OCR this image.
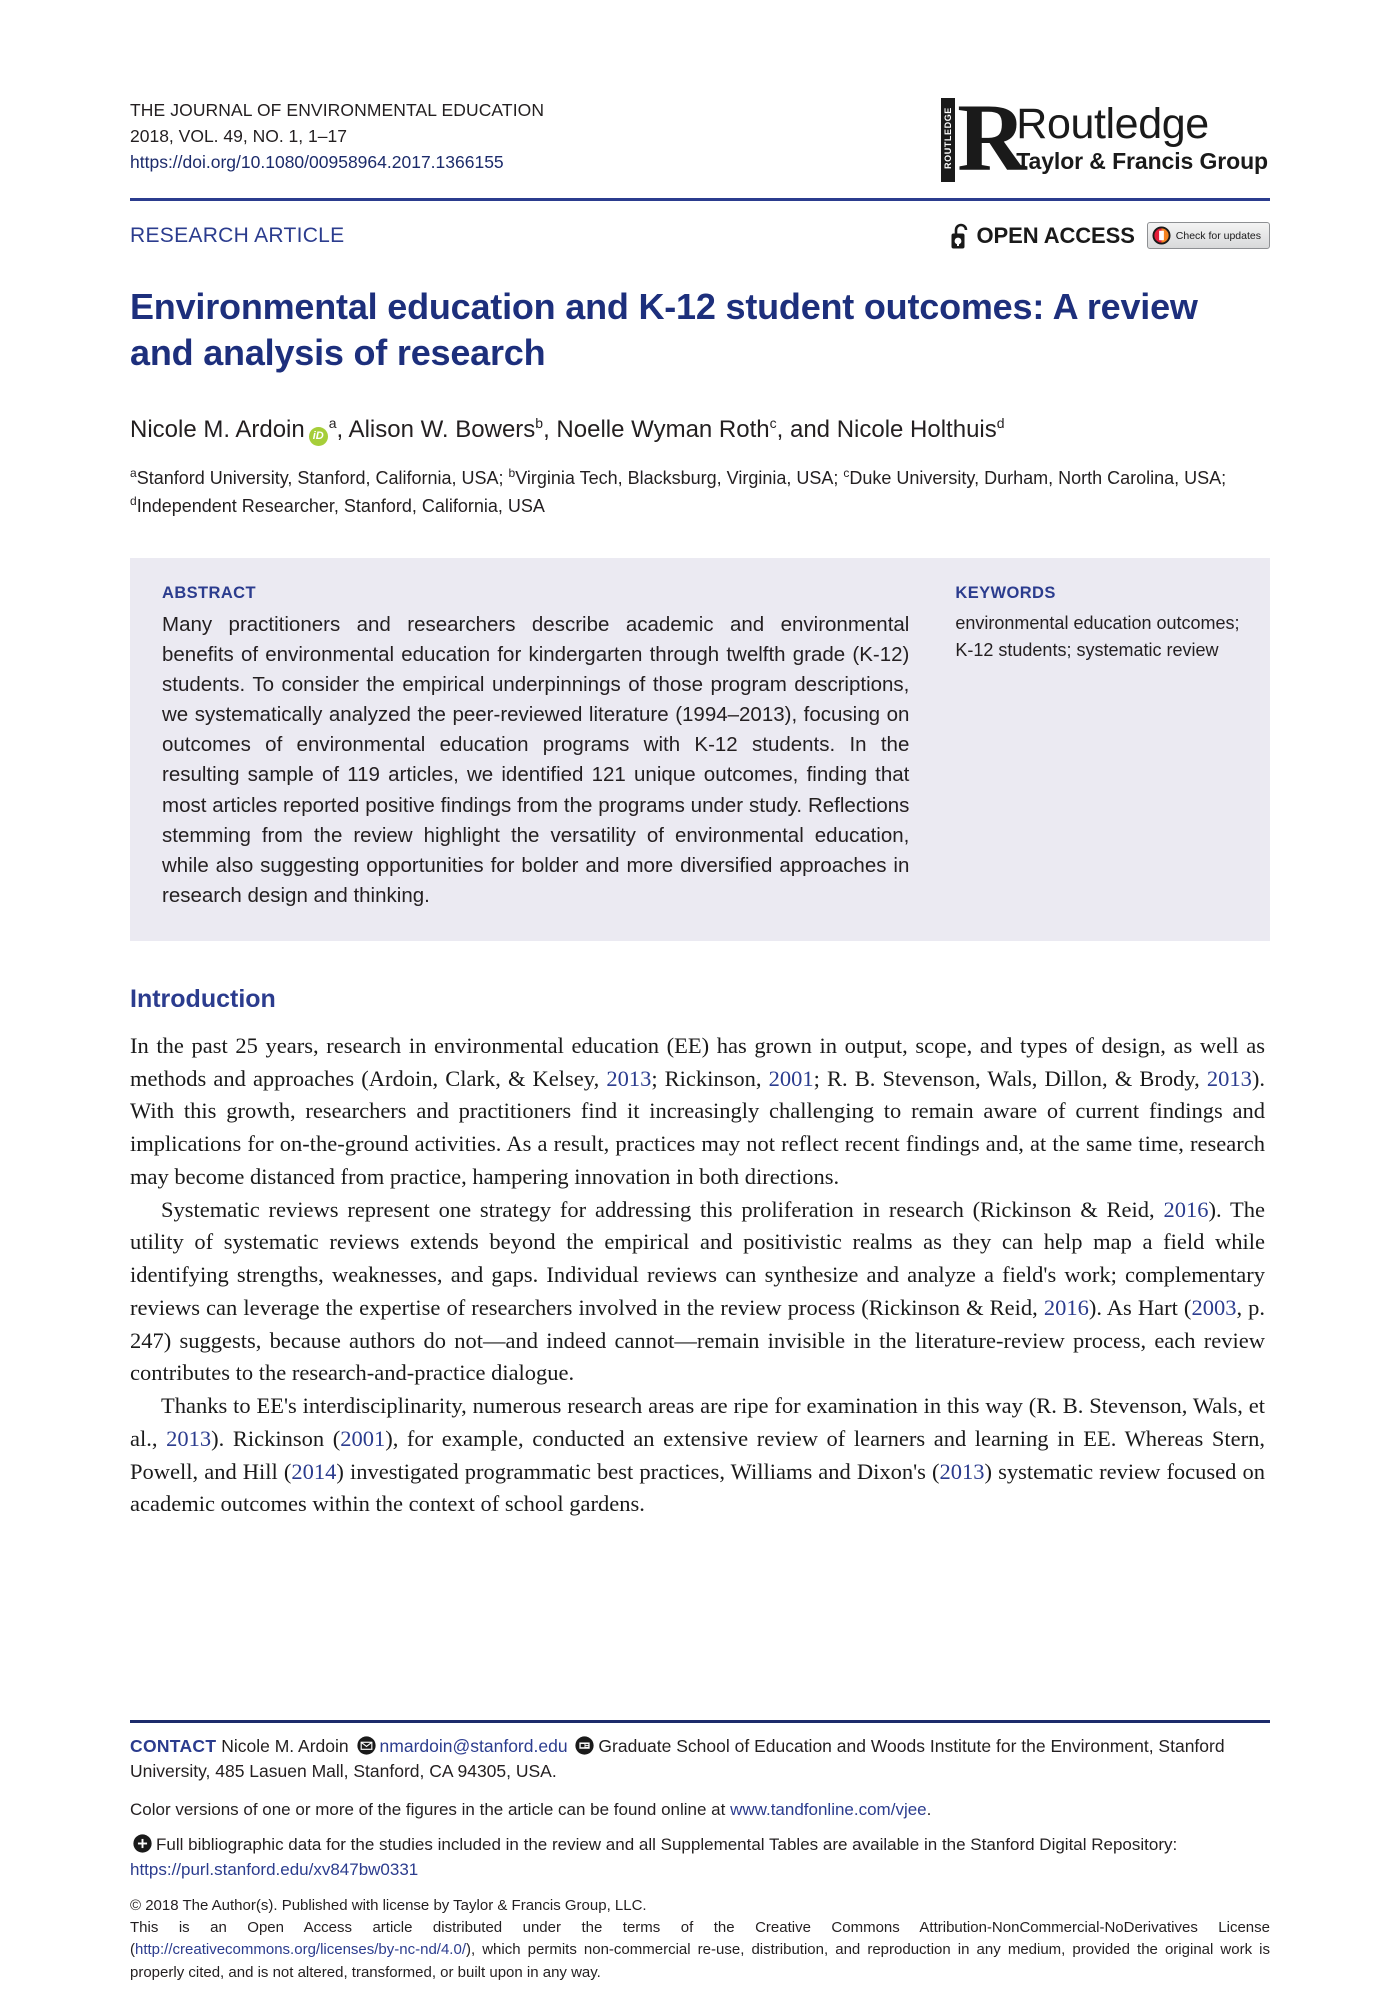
THE JOURNAL OF ENVIRONMENTAL EDUCATION
2018, VOL. 49, NO. 1, 1–17
https://doi.org/10.1080/00958964.2017.1366155	ROUTLEDGE R
Routledge
Taylor & Francis Group
RESEARCH ARTICLE	OPEN ACCESS	Check for updates
Environmental education and K-12 student outcomes: A review and analysis of research
Nicole M. Ardoin $iD^a$, Alison W. Bowers$^b$, Noelle Wyman Roth$^c$, and Nicole Holthuis$^d$
$^a$Stanford University, Stanford, California, USA; $^b$Virginia Tech, Blacksburg, Virginia, USA; $^c$Duke University, Durham, North Carolina, USA; $^d$Independent Researcher, Stanford, California, USA
ABSTRACT
Many practitioners and researchers describe academic and environmental benefits of environmental education for kindergarten through twelfth grade (K-12) students. To consider the empirical underpinnings of those program descriptions, we systematically analyzed the peer-reviewed literature (1994–2013), focusing on outcomes of environmental education programs with K-12 students. In the resulting sample of 119 articles, we identified 121 unique outcomes, finding that most articles reported positive findings from the programs under study. Reflections stemming from the review highlight the versatility of environmental education, while also suggesting opportunities for bolder and more diversified approaches in research design and thinking.
KEYWORDS
environmental education outcomes; K-12 students; systematic review
Introduction

In the past 25 years, research in environmental education (EE) has grown in output, scope, and types of design, as well as methods and approaches (Ardoin, Clark, & Kelsey, 2013; Rickinson, 2001; R. B. Stevenson, Wals, Dillon, & Brody, 2013). With this growth, researchers and practitioners find it increasingly challenging to remain aware of current findings and implications for on-the-ground activities. As a result, practices may not reflect recent findings and, at the same time, research may become distanced from practice, hampering innovation in both directions.

Systematic reviews represent one strategy for addressing this proliferation in research (Rickinson & Reid, 2016). The utility of systematic reviews extends beyond the empirical and positivistic realms as they can help map a field while identifying strengths, weaknesses, and gaps. Individual reviews can synthesize and analyze a field's work; complementary reviews can leverage the expertise of researchers involved in the review process (Rickinson & Reid, 2016). As Hart (2003, p. 247) suggests, because authors do not—and indeed cannot—remain invisible in the literature-review process, each review contributes to the research-and-practice dialogue.

Thanks to EE's interdisciplinarity, numerous research areas are ripe for examination in this way (R. B. Stevenson, Wals, et al., 2013). Rickinson (2001), for example, conducted an extensive review of learners and learning in EE. Whereas Stern, Powell, and Hill (2014) investigated programmatic best practices, Williams and Dixon's (2013) systematic review focused on academic outcomes within the context of school gardens.

CONTACT Nicole M. Ardoin nmardoin@stanford.edu Graduate School of Education and Woods Institute for the Environment, Stanford University, 485 Lasuen Mall, Stanford, CA 94305, USA.
Color versions of one or more of the figures in the article can be found online at www.tandfonline.com/vjee.
Full bibliographic data for the studies included in the review and all Supplemental Tables are available in the Stanford Digital Repository: https://purl.stanford.edu/xv847bw0331
© 2018 The Author(s). Published with license by Taylor & Francis Group, LLC.
This is an Open Access article distributed under the terms of the Creative Commons Attribution-NonCommercial-NoDerivatives License (http://creativecommons.org/licenses/by-nc-nd/4.0/), which permits non-commercial re-use, distribution, and reproduction in any medium, provided the original work is properly cited, and is not altered, transformed, or built upon in any way.
